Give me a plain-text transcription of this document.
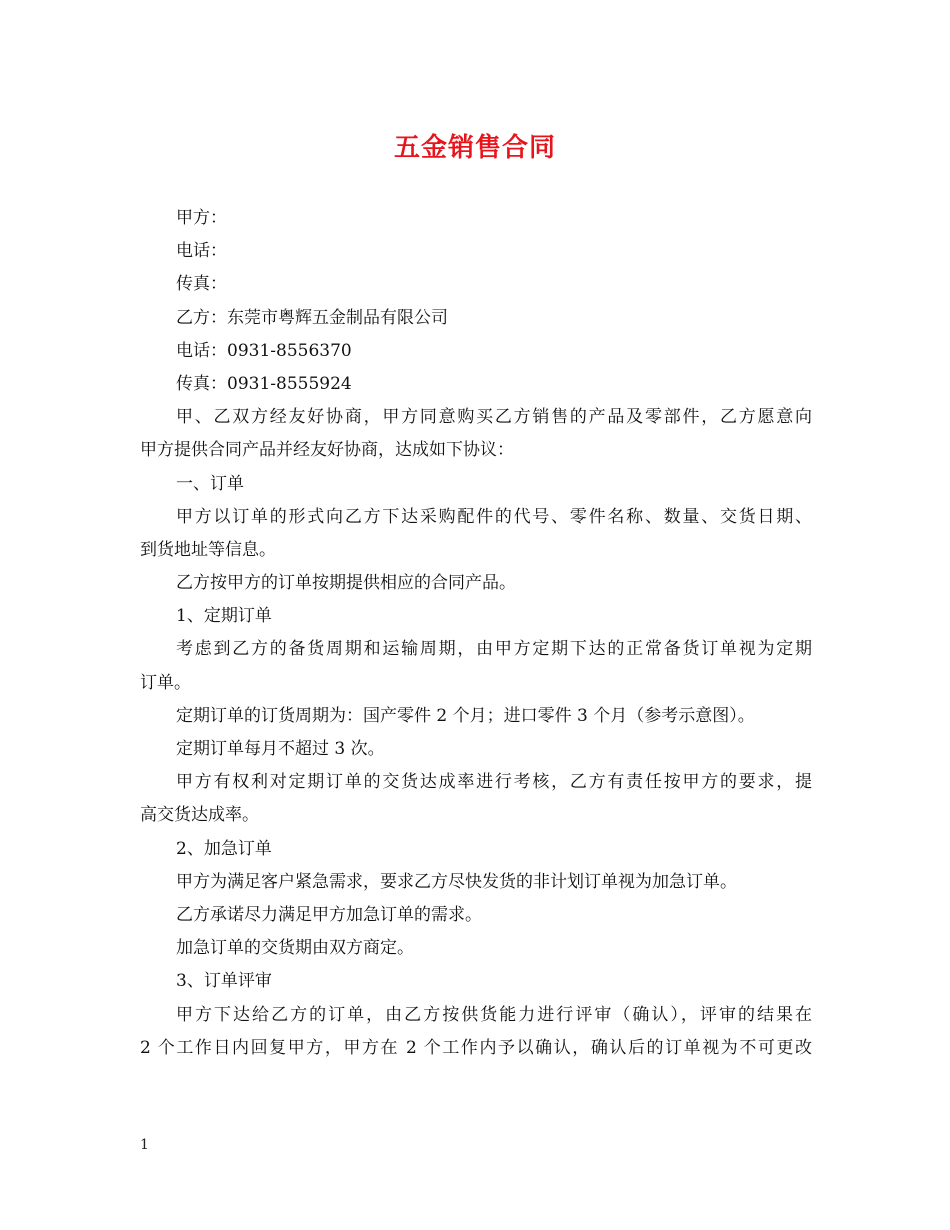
五金销售合同

甲方：

电话：

传真：

乙方：东莞市粤辉五金制品有限公司

电话：0931-8556370

传真：0931-8555924

甲、乙双方经友好协商，甲方同意购买乙方销售的产品及零部件，乙方愿意向

甲方提供合同产品并经友好协商，达成如下协议：

一、订单

甲方以订单的形式向乙方下达采购配件的代号、零件名称、数量、交货日期、

到货地址等信息。

乙方按甲方的订单按期提供相应的合同产品。

1、定期订单

考虑到乙方的备货周期和运输周期，由甲方定期下达的正常备货订单视为定期

订单。

定期订单的订货周期为：国产零件 2 个月；进口零件 3 个月（参考示意图）。

定期订单每月不超过 3 次。

甲方有权利对定期订单的交货达成率进行考核，乙方有责任按甲方的要求，提

高交货达成率。

2、加急订单

甲方为满足客户紧急需求，要求乙方尽快发货的非计划订单视为加急订单。

乙方承诺尽力满足甲方加急订单的需求。

加急订单的交货期由双方商定。

3、订单评审

甲方下达给乙方的订单，由乙方按供货能力进行评审（确认），评审的结果在

2 个工作日内回复甲方，甲方在 2 个工作内予以确认，确认后的订单视为不可更改

1
